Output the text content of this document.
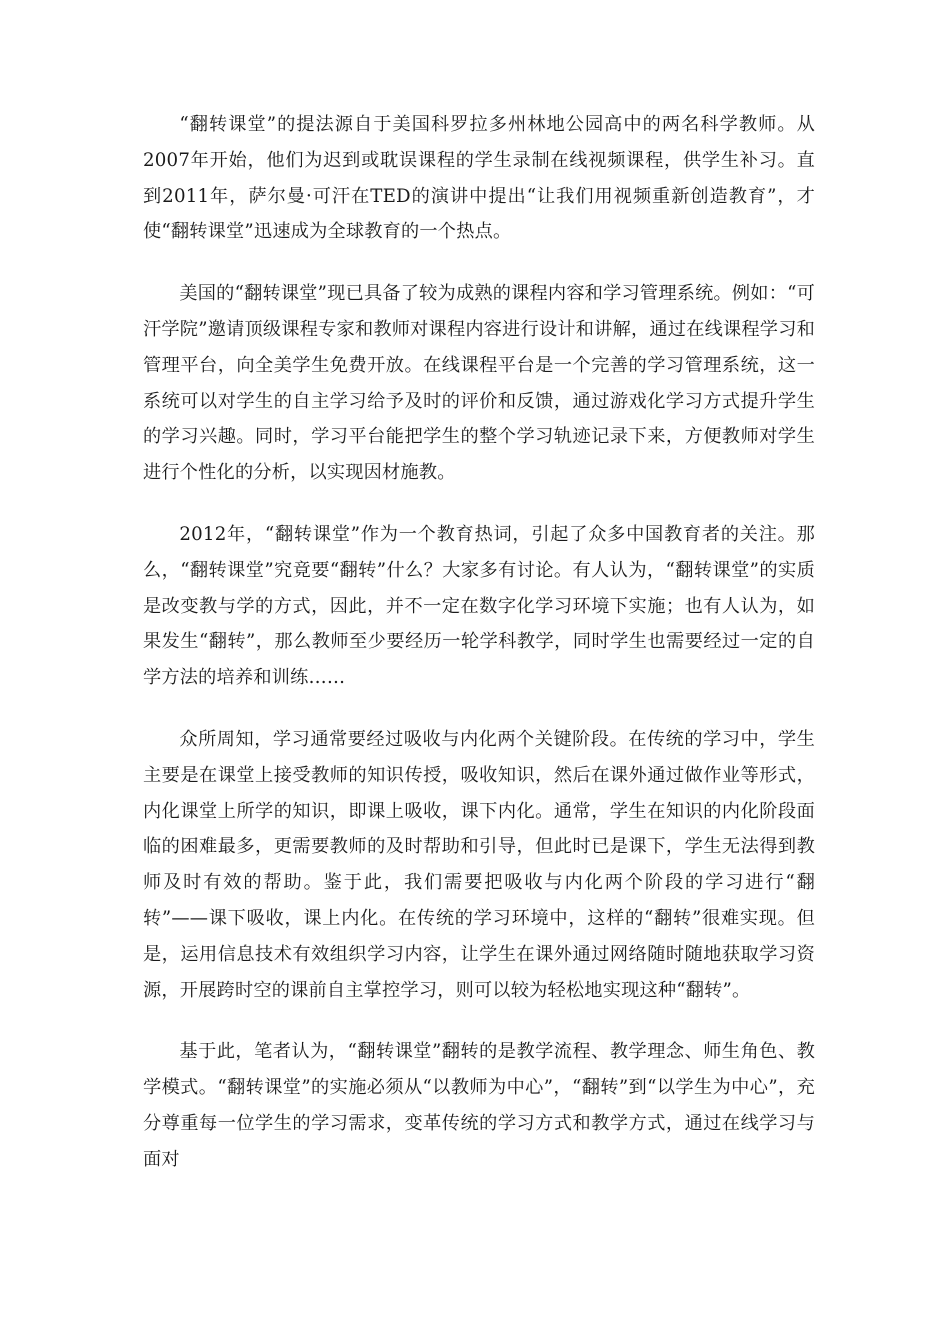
“翻转课堂”的提法源自于美国科罗拉多州林地公园高中的两名科学教师。从2007年开始，他们为迟到或耽误课程的学生录制在线视频课程，供学生补习。直到2011年，萨尔曼·可汗在TED的演讲中提出“让我们用视频重新创造教育”，才使“翻转课堂”迅速成为全球教育的一个热点。

美国的“翻转课堂”现已具备了较为成熟的课程内容和学习管理系统。例如：“可汗学院”邀请顶级课程专家和教师对课程内容进行设计和讲解，通过在线课程学习和管理平台，向全美学生免费开放。在线课程平台是一个完善的学习管理系统，这一系统可以对学生的自主学习给予及时的评价和反馈，通过游戏化学习方式提升学生的学习兴趣。同时，学习平台能把学生的整个学习轨迹记录下来，方便教师对学生进行个性化的分析，以实现因材施教。

2012年，“翻转课堂”作为一个教育热词，引起了众多中国教育者的关注。那么，“翻转课堂”究竟要“翻转”什么？大家多有讨论。有人认为，“翻转课堂”的实质是改变教与学的方式，因此，并不一定在数字化学习环境下实施；也有人认为，如果发生“翻转”，那么教师至少要经历一轮学科教学，同时学生也需要经过一定的自学方法的培养和训练……

众所周知，学习通常要经过吸收与内化两个关键阶段。在传统的学习中，学生主要是在课堂上接受教师的知识传授，吸收知识，然后在课外通过做作业等形式，内化课堂上所学的知识，即课上吸收，课下内化。通常，学生在知识的内化阶段面临的困难最多，更需要教师的及时帮助和引导，但此时已是课下，学生无法得到教师及时有效的帮助。鉴于此，我们需要把吸收与内化两个阶段的学习进行“翻转”——课下吸收，课上内化。在传统的学习环境中，这样的“翻转”很难实现。但是，运用信息技术有效组织学习内容，让学生在课外通过网络随时随地获取学习资源，开展跨时空的课前自主掌控学习，则可以较为轻松地实现这种“翻转”。

基于此，笔者认为，“翻转课堂”翻转的是教学流程、教学理念、师生角色、教学模式。“翻转课堂”的实施必须从“以教师为中心”，“翻转”到“以学生为中心”，充分尊重每一位学生的学习需求，变革传统的学习方式和教学方式，通过在线学习与面对
